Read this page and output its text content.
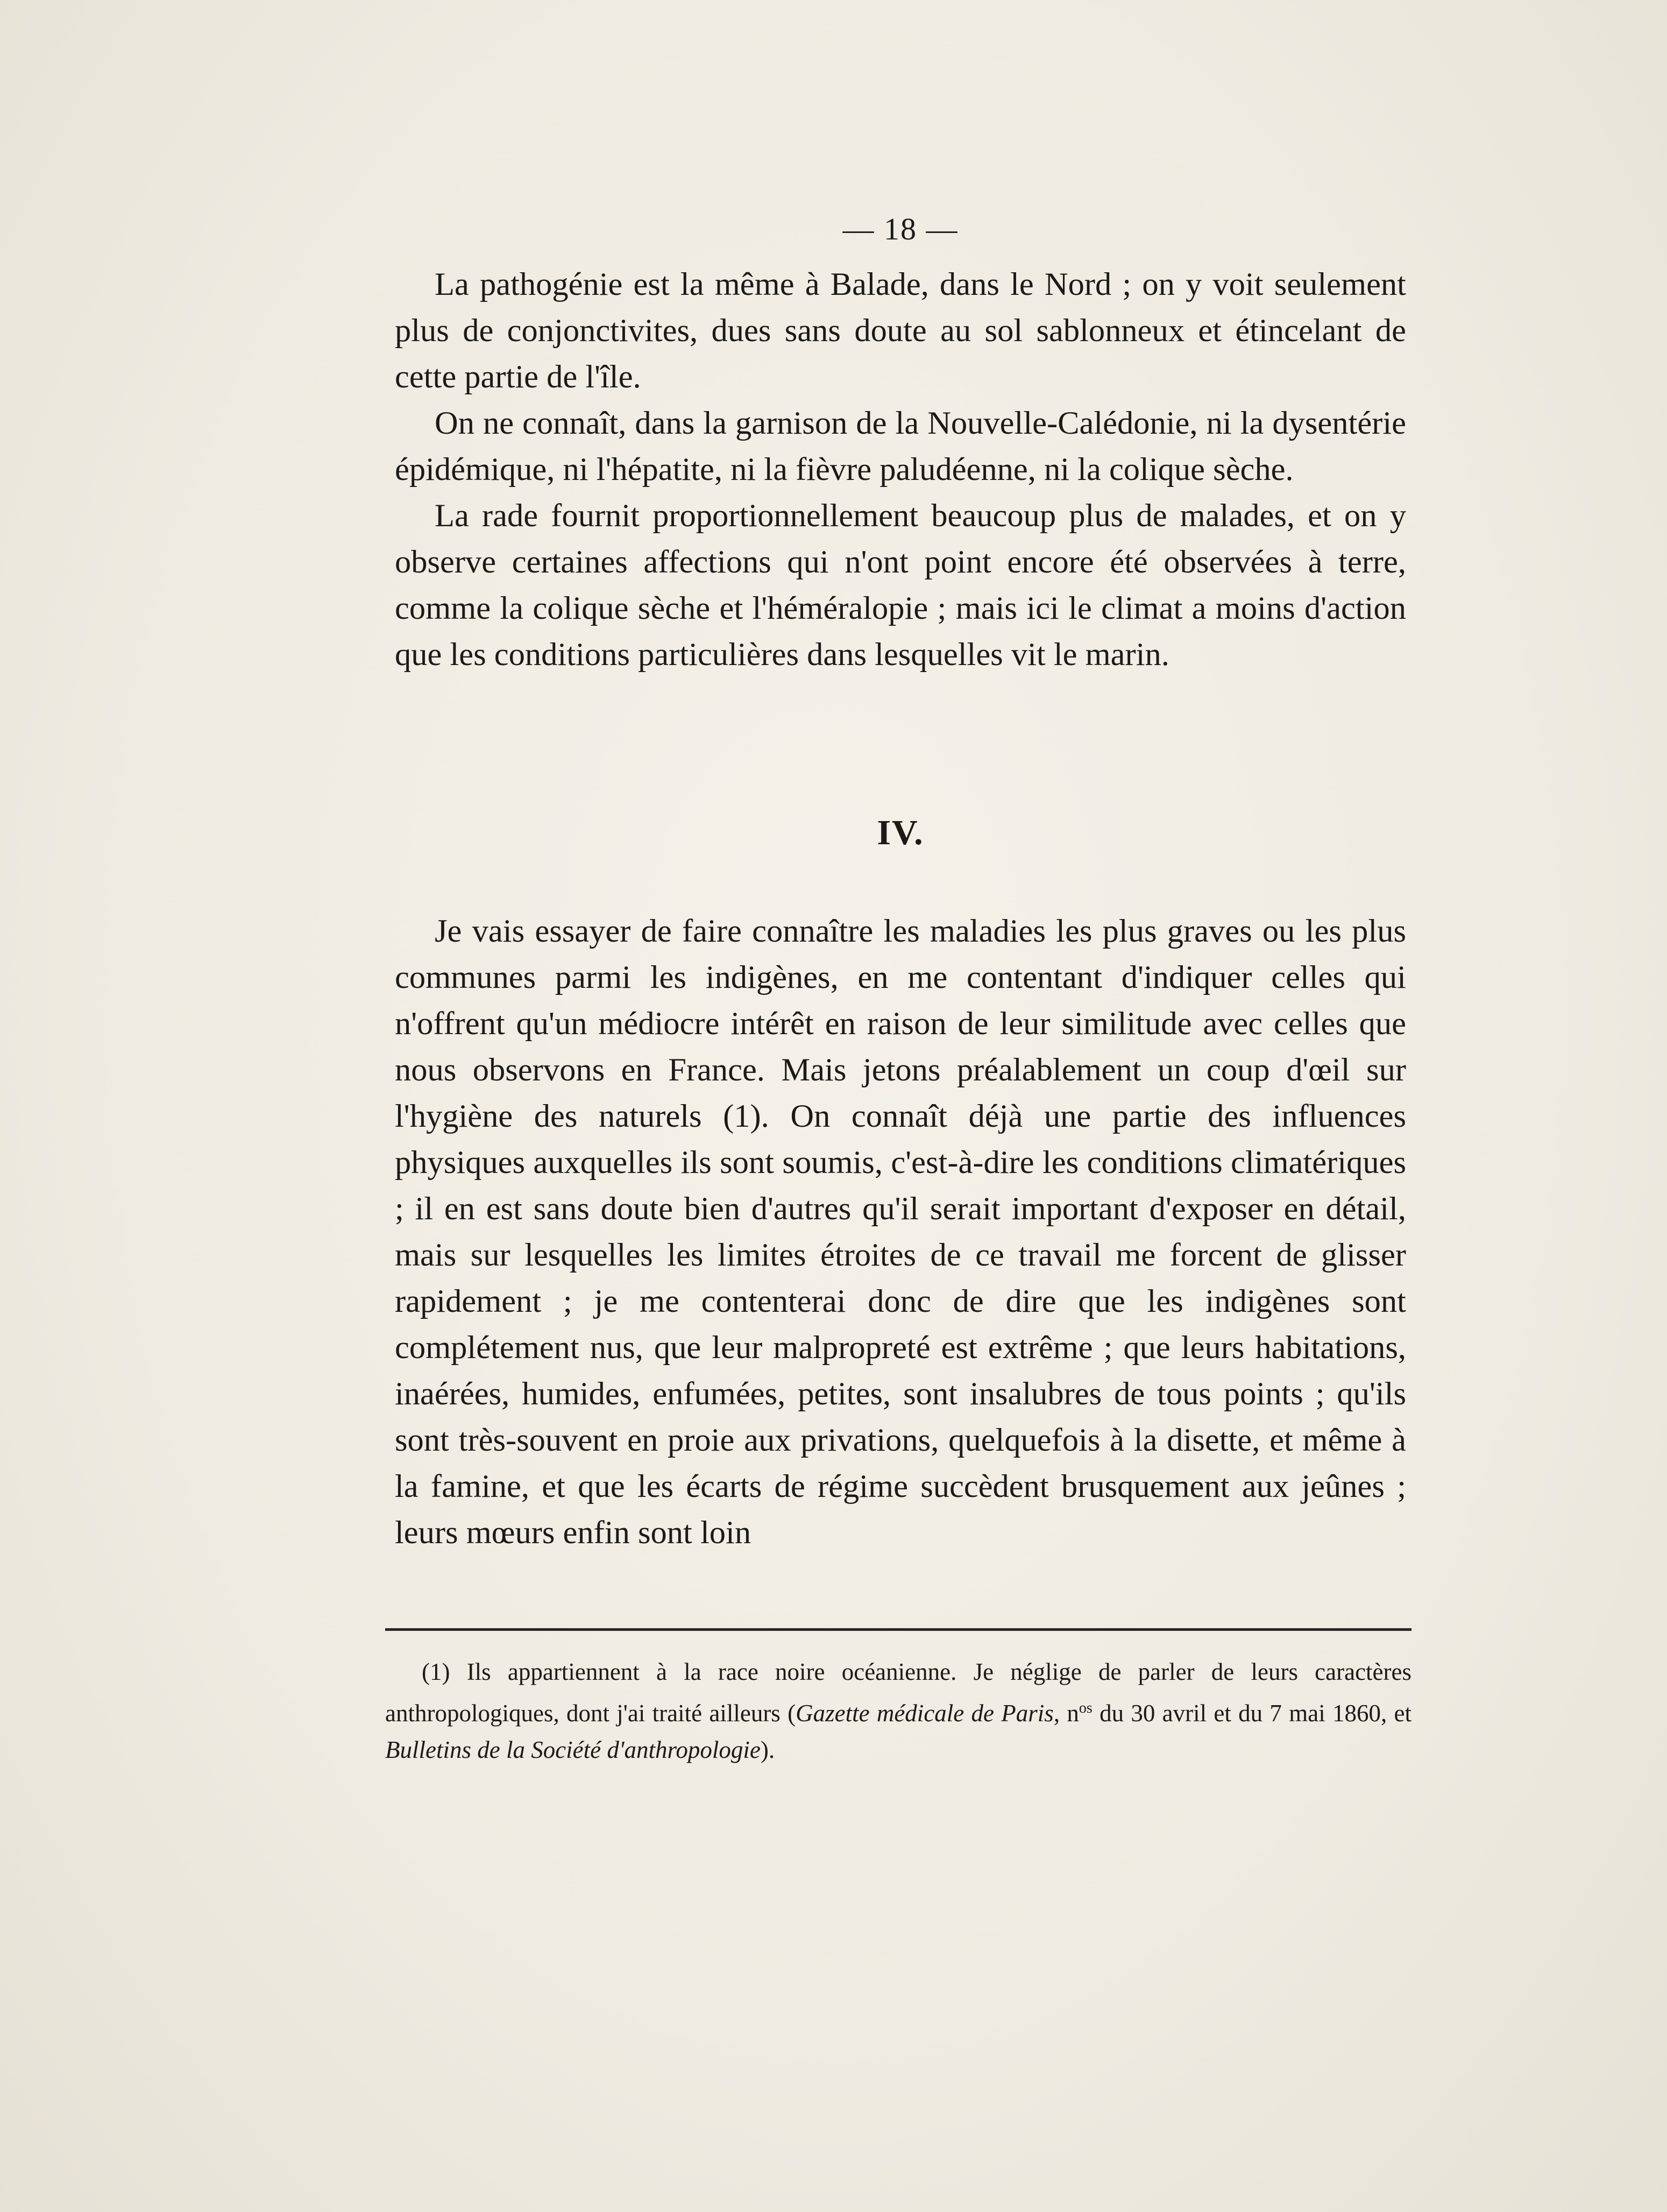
— 18 —

La pathogénie est la même à Balade, dans le Nord ; on y voit seulement plus de conjonctivites, dues sans doute au sol sablonneux et étincelant de cette partie de l'île.

On ne connaît, dans la garnison de la Nouvelle-Calédonie, ni la dysentérie épidémique, ni l'hépatite, ni la fièvre paludéenne, ni la colique sèche.

La rade fournit proportionnellement beaucoup plus de malades, et on y observe certaines affections qui n'ont point encore été observées à terre, comme la colique sèche et l'héméralopie ; mais ici le climat a moins d'action que les conditions particulières dans lesquelles vit le marin.

IV.

Je vais essayer de faire connaître les maladies les plus graves ou les plus communes parmi les indigènes, en me contentant d'indiquer celles qui n'offrent qu'un médiocre intérêt en raison de leur similitude avec celles que nous observons en France. Mais jetons préalablement un coup d'œil sur l'hygiène des naturels (1). On connaît déjà une partie des influences physiques auxquelles ils sont soumis, c'est-à-dire les conditions climatériques ; il en est sans doute bien d'autres qu'il serait important d'exposer en détail, mais sur lesquelles les limites étroites de ce travail me forcent de glisser rapidement ; je me contenterai donc de dire que les indigènes sont complétement nus, que leur malpropreté est extrême ; que leurs habitations, inaérées, humides, enfumées, petites, sont insalubres de tous points ; qu'ils sont très-souvent en proie aux privations, quelquefois à la disette, et même à la famine, et que les écarts de régime succèdent brusquement aux jeûnes ; leurs mœurs enfin sont loin

(1) Ils appartiennent à la race noire océanienne. Je néglige de parler de leurs caractères anthropologiques, dont j'ai traité ailleurs (Gazette médicale de Paris, $n^{os}$ du 30 avril et du 7 mai 1860, et Bulletins de la Société d'anthropologie).
